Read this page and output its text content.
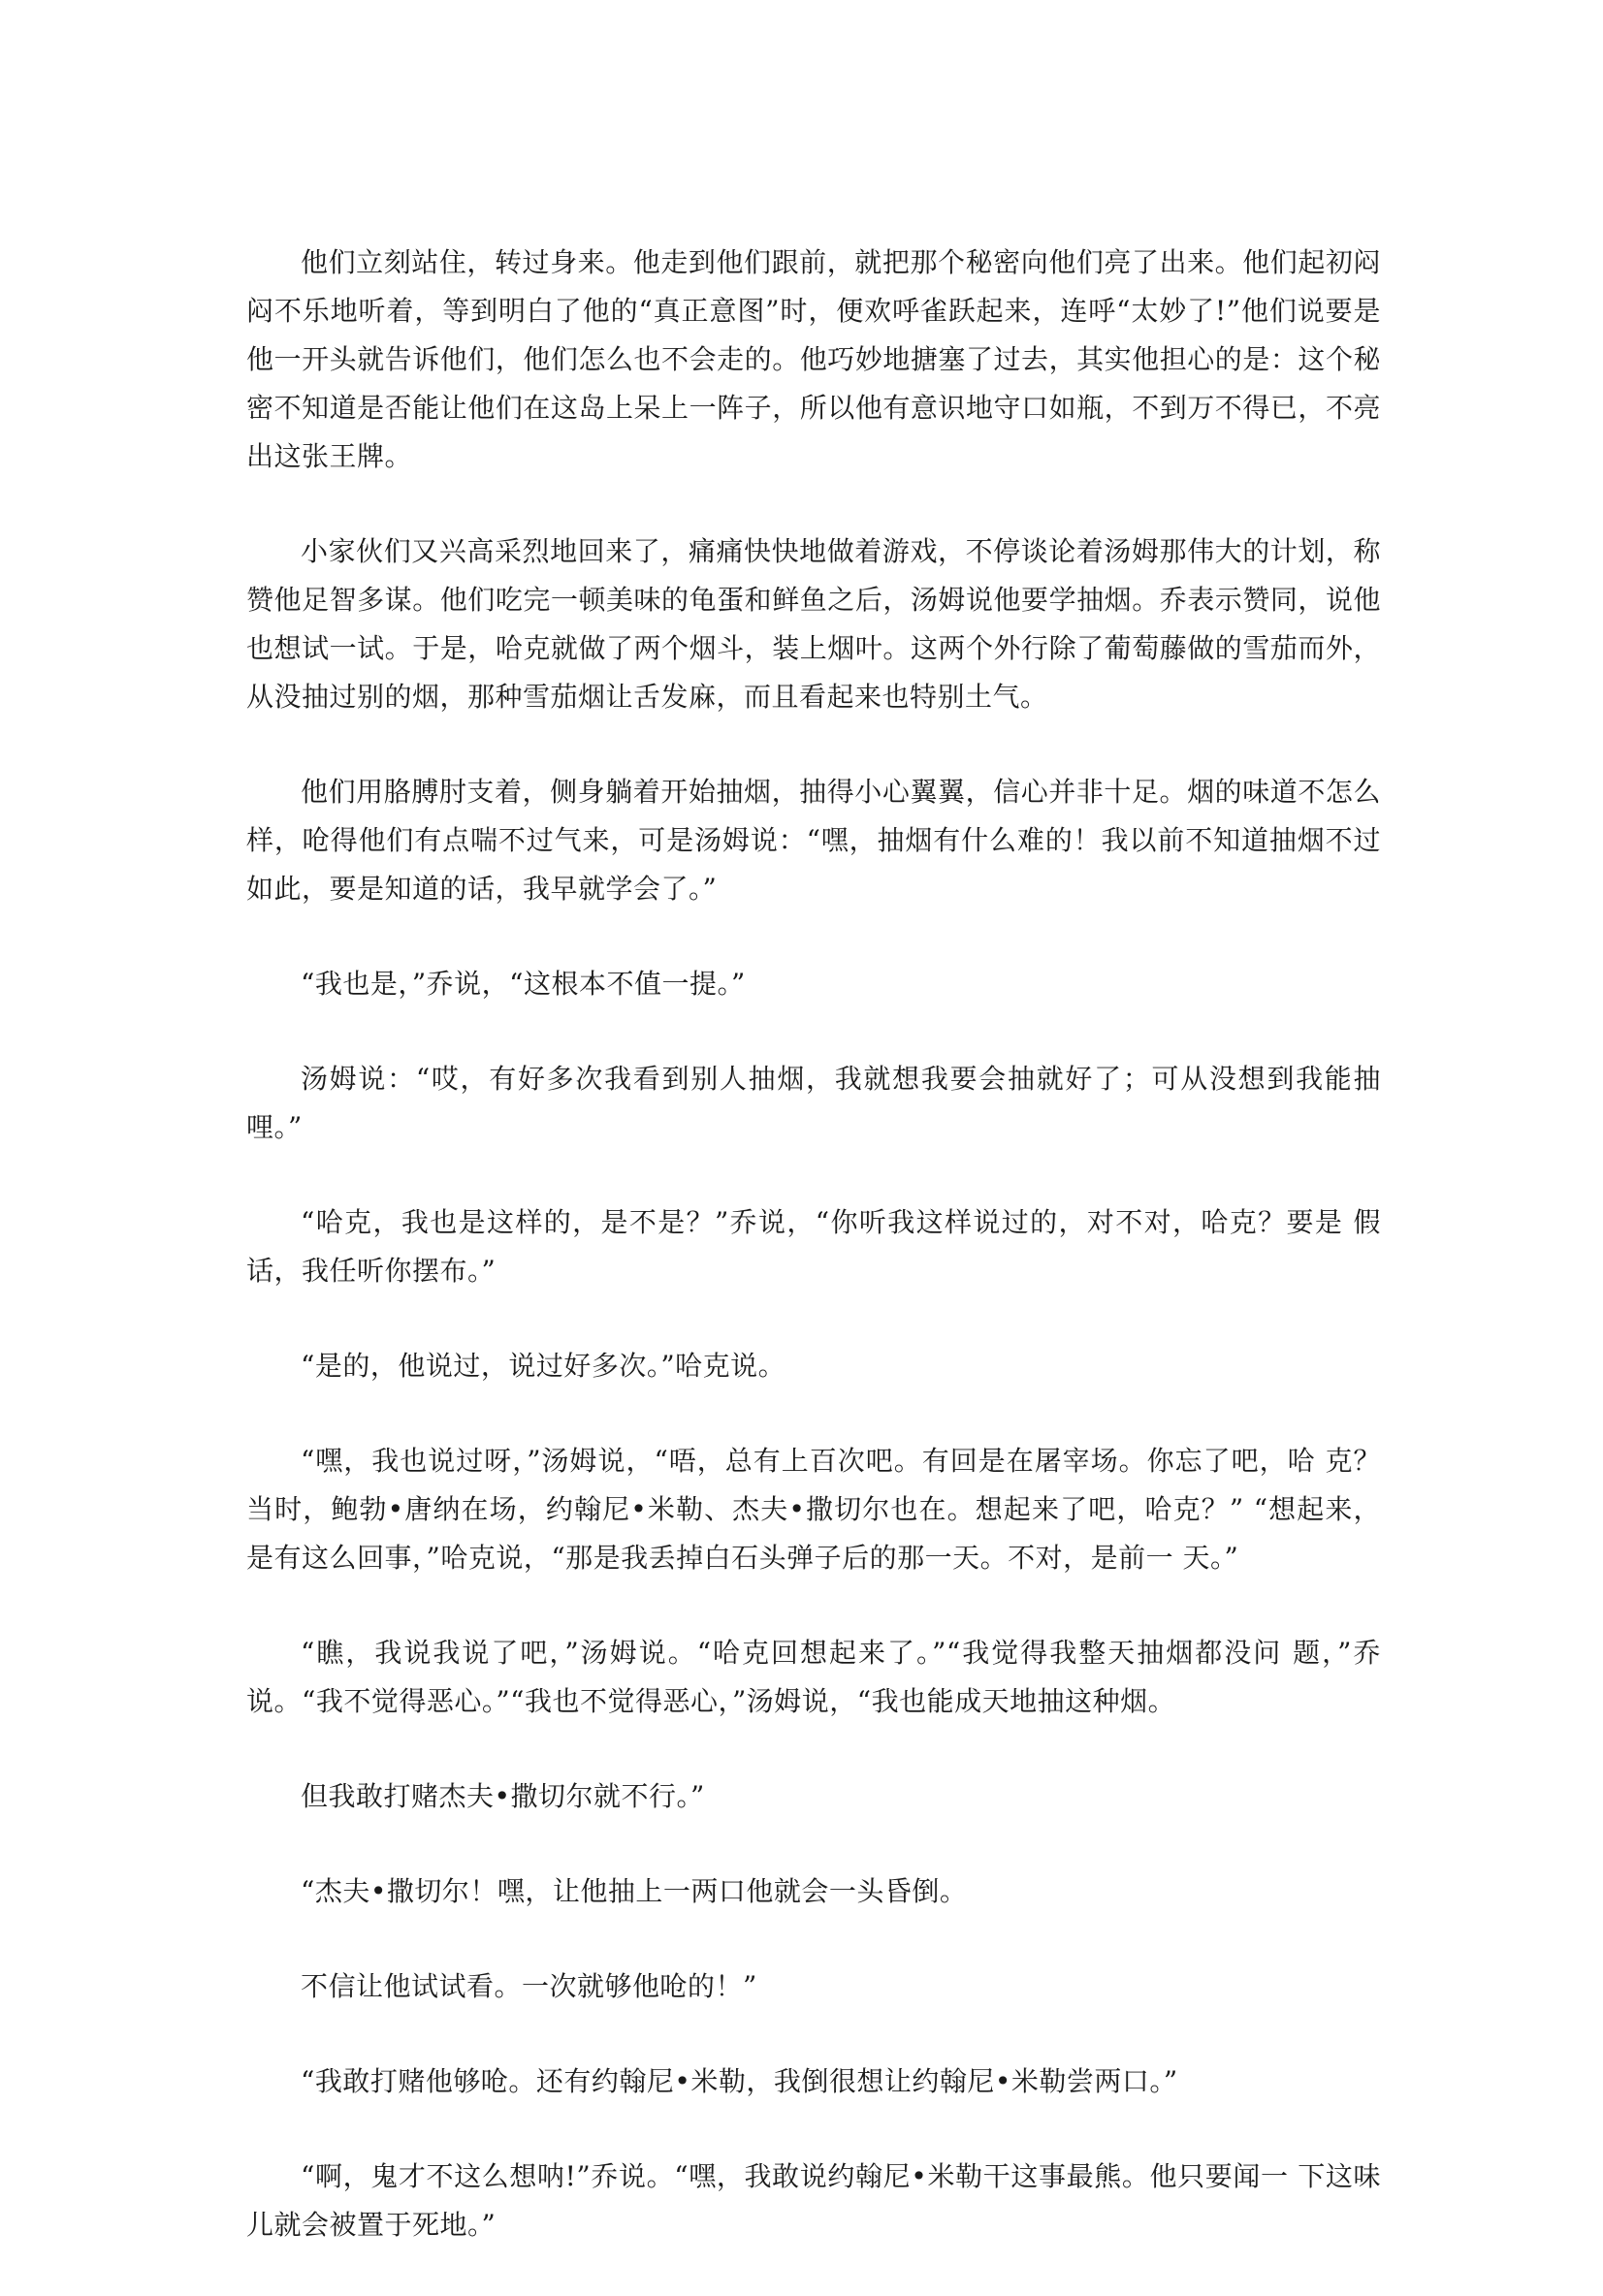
他们立刻站住，转过身来。他走到他们跟前，就把那个秘密向他们亮了出来。他们起初闷闷不乐地听着，等到明白了他的“真正意图”时，便欢呼雀跃起来，连呼“太妙了!”他们说要是他一开头就告诉他们，他们怎么也不会走的。他巧妙地搪塞了过去，其实他担心的是：这个秘密不知道是否能让他们在这岛上呆上一阵子，所以他有意识地守口如瓶，不到万不得已，不亮出这张王牌。

小家伙们又兴高采烈地回来了，痛痛快快地做着游戏，不停谈论着汤姆那伟大的计划，称赞他足智多谋。他们吃完一顿美味的龟蛋和鲜鱼之后，汤姆说他要学抽烟。乔表示赞同，说他也想试一试。于是，哈克就做了两个烟斗，装上烟叶。这两个外行除了葡萄藤做的雪茄而外，从没抽过别的烟，那种雪茄烟让舌发麻，而且看起来也特别土气。

他们用胳膊肘支着，侧身躺着开始抽烟，抽得小心翼翼，信心并非十足。烟的味道不怎么样，呛得他们有点喘不过气来，可是汤姆说：“嘿，抽烟有什么难的！我以前不知道抽烟不过如此，要是知道的话，我早就学会了。”

“我也是，”乔说，“这根本不值一提。”

汤姆说：“哎，有好多次我看到别人抽烟，我就想我要会抽就好了；可从没想到我能抽哩。”

“哈克，我也是这样的，是不是？”乔说，“你听我这样说过的，对不对，哈克？要是 假话，我任听你摆布。”

“是的，他说过，说过好多次。”哈克说。

“嘿，我也说过呀，”汤姆说，“唔，总有上百次吧。有回是在屠宰场。你忘了吧，哈 克？当时，鲍勃•唐纳在场，约翰尼•米勒、杰夫•撒切尔也在。想起来了吧，哈克？” “想起来，是有这么回事，”哈克说，“那是我丢掉白石头弹子后的那一天。不对，是前一 天。”

“瞧，我说我说了吧，”汤姆说。“哈克回想起来了。”“我觉得我整天抽烟都没问 题，”乔说。“我不觉得恶心。”“我也不觉得恶心，”汤姆说，“我也能成天地抽这种烟。

但我敢打赌杰夫•撒切尔就不行。”

“杰夫•撒切尔！嘿，让他抽上一两口他就会一头昏倒。

不信让他试试看。一次就够他呛的！”

“我敢打赌他够呛。还有约翰尼•米勒，我倒很想让约翰尼•米勒尝两口。”

“啊，鬼才不这么想呐!”乔说。“嘿，我敢说约翰尼•米勒干这事最熊。他只要闻一 下这味儿就会被置于死地。”
